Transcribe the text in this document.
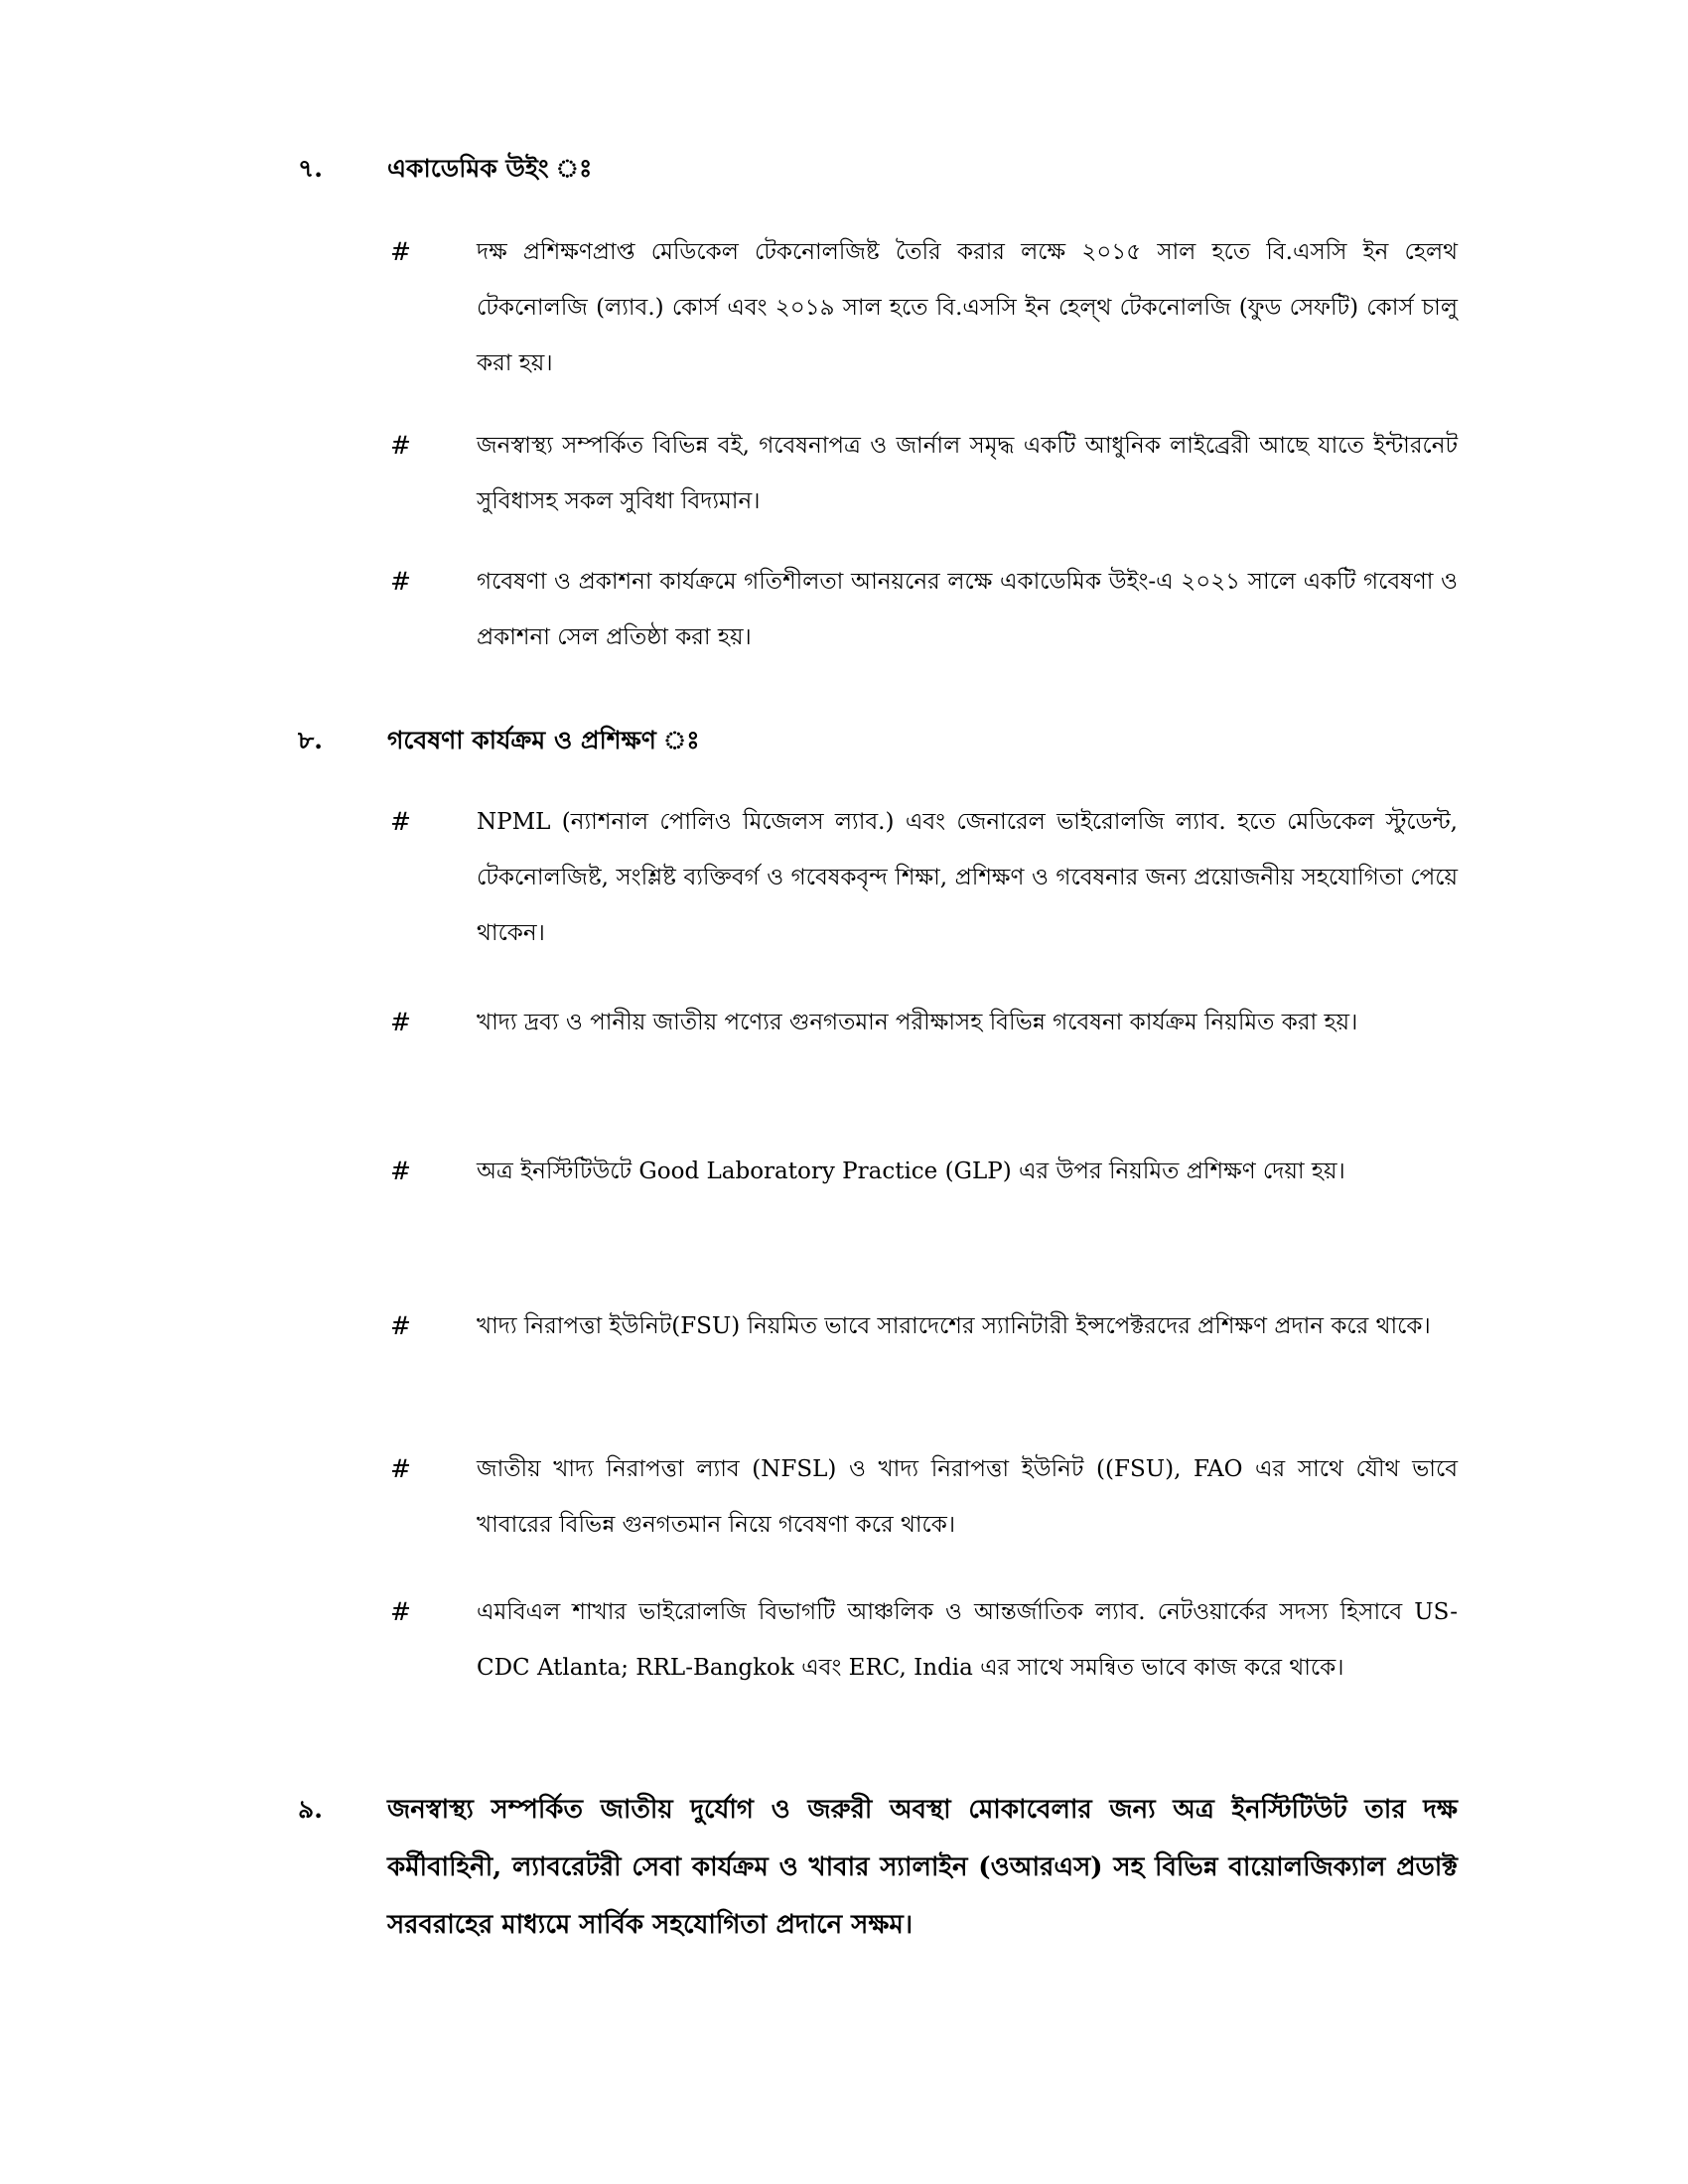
৭.	একাডেমিক উইং ঃ
#	দক্ষ প্রশিক্ষণপ্রাপ্ত মেডিকেল টেকনোলজিষ্ট তৈরি করার লক্ষে ২০১৫ সাল হতে বি.এসসি ইন হেলথ টেকনোলজি (ল্যাব.) কোর্স এবং ২০১৯ সাল হতে বি.এসসি ইন হেল্থ টেকনোলজি (ফুড সেফটি) কোর্স চালু করা হয়।
#	জনস্বাস্থ্য সম্পর্কিত বিভিন্ন বই, গবেষনাপত্র ও জার্নাল সমৃদ্ধ একটি আধুনিক লাইব্রেরী আছে যাতে ইন্টারনেট সুবিধাসহ সকল সুবিধা বিদ্যমান।
#	গবেষণা ও প্রকাশনা কার্যক্রমে গতিশীলতা আনয়নের লক্ষে একাডেমিক উইং-এ ২০২১ সালে একটি গবেষণা ও প্রকাশনা সেল প্রতিষ্ঠা করা হয়।
৮.	গবেষণা কার্যক্রম ও প্রশিক্ষণ ঃ
#	NPML (ন্যাশনাল পোলিও মিজেলস ল্যাব.) এবং জেনারেল ভাইরোলজি ল্যাব. হতে মেডিকেল স্টুডেন্ট, টেকনোলজিষ্ট, সংশ্লিষ্ট ব্যক্তিবর্গ ও গবেষকবৃন্দ শিক্ষা, প্রশিক্ষণ ও গবেষনার জন্য প্রয়োজনীয় সহযোগিতা পেয়ে থাকেন।
#	খাদ্য দ্রব্য ও পানীয় জাতীয় পণ্যের গুনগতমান পরীক্ষাসহ বিভিন্ন গবেষনা কার্যক্রম নিয়মিত করা হয়।
#	অত্র ইনস্টিটিউটে Good Laboratory Practice (GLP) এর উপর নিয়মিত প্রশিক্ষণ দেয়া হয়।
#	খাদ্য নিরাপত্তা ইউনিট(FSU) নিয়মিত ভাবে সারাদেশের স্যানিটারী ইন্সপেক্টরদের প্রশিক্ষণ প্রদান করে থাকে।
#	জাতীয় খাদ্য নিরাপত্তা ল্যাব (NFSL) ও খাদ্য নিরাপত্তা ইউনিট ((FSU), FAO এর সাথে যৌথ ভাবে খাবারের বিভিন্ন গুনগতমান নিয়ে গবেষণা করে থাকে।
#	এমবিএল শাখার ভাইরোলজি বিভাগটি আঞ্চলিক ও আন্তর্জাতিক ল্যাব. নেটওয়ার্কের সদস্য হিসাবে US-CDC Atlanta; RRL-Bangkok এবং ERC, India এর সাথে সমন্বিত ভাবে কাজ করে থাকে।
৯.	জনস্বাস্থ্য সম্পর্কিত জাতীয় দুর্যোগ ও জরুরী অবস্থা মোকাবেলার জন্য অত্র ইনস্টিটিউট তার দক্ষ কর্মীবাহিনী, ল্যাবরেটরী সেবা কার্যক্রম ও খাবার স্যালাইন (ওআরএস) সহ বিভিন্ন বায়োলজিক্যাল প্রডাক্ট সরবরাহের মাধ্যমে সার্বিক সহযোগিতা প্রদানে সক্ষম।
